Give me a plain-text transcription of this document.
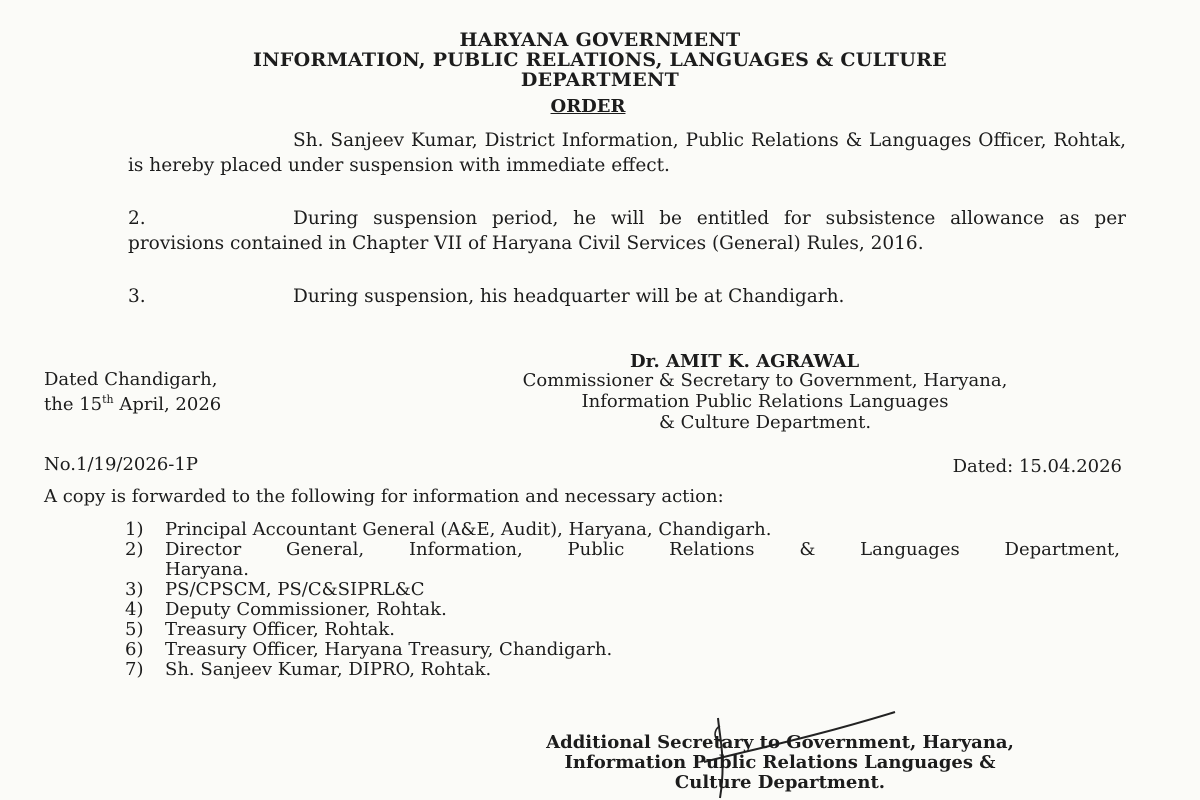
HARYANA GOVERNMENT
INFORMATION, PUBLIC RELATIONS, LANGUAGES & CULTURE
DEPARTMENT
ORDER
Sh. Sanjeev Kumar, District Information, Public Relations & Languages Officer, Rohtak, is hereby placed under suspension with immediate effect.
2.	During suspension period, he will be entitled for subsistence allowance as per provisions contained in Chapter VII of Haryana Civil Services (General) Rules, 2016.
3.	During suspension, his headquarter will be at Chandigarh.
Dr. AMIT K. AGRAWAL
Commissioner & Secretary to Government, Haryana,
Information Public Relations Languages
& Culture Department.
Dated Chandigarh,
the 15th April, 2026
No.1/19/2026-1P	Dated: 15.04.2026
A copy is forwarded to the following for information and necessary action:
1)	Principal Accountant General (A&E, Audit), Haryana, Chandigarh.
2)	Director General, Information, Public Relations & Languages Department, Haryana.
3)	PS/CPSCM, PS/C&SIPRL&C
4)	Deputy Commissioner, Rohtak.
5)	Treasury Officer, Rohtak.
6)	Treasury Officer, Haryana Treasury, Chandigarh.
7)	Sh. Sanjeev Kumar, DIPRO, Rohtak.
Additional Secretary to Government, Haryana,
Information Public Relations Languages &
Culture Department.
